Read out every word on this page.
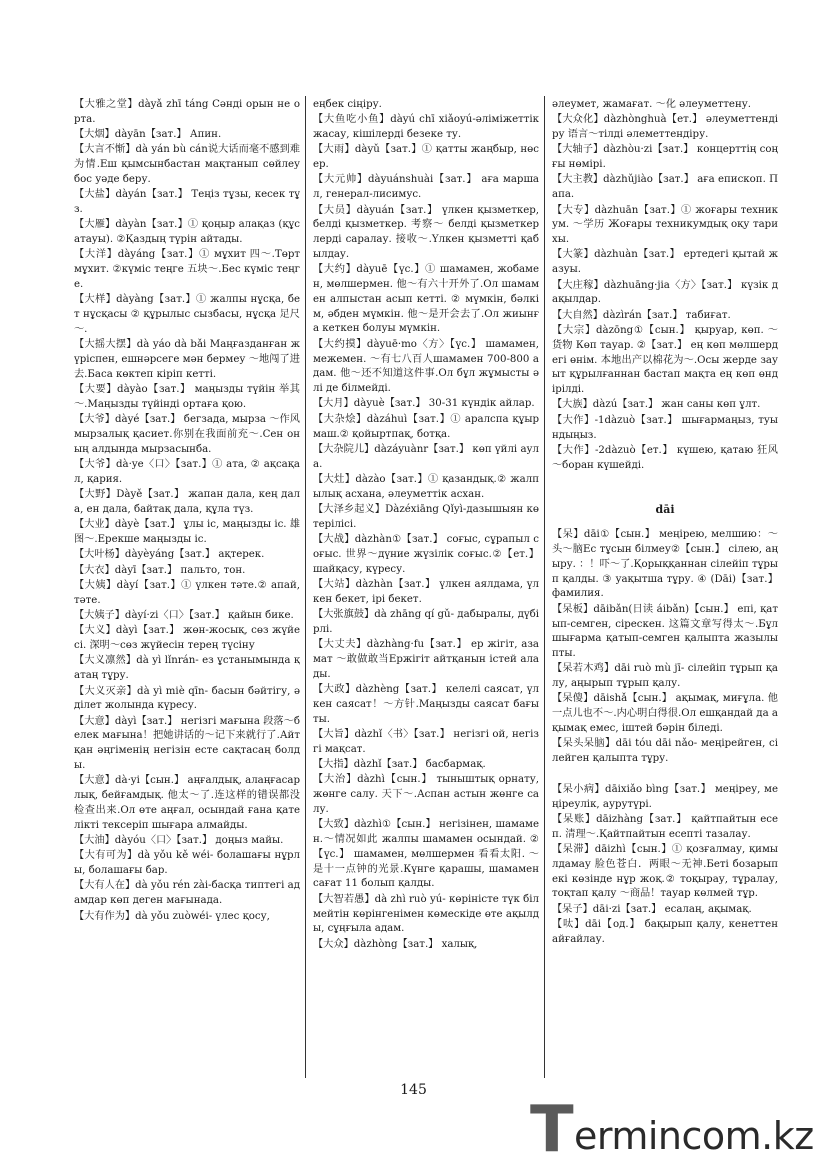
【大雅之堂】dàyǎ zhī táng Сәнді орын не орта.
【大烟】dàyān【зат.】 Апин.
【大言不惭】dà yán bù cán说大话而毫不感到难为情.Еш қымсынбастан мақтанып сөйлеу бос уәде беру.
【大盐】dàyán【зат.】 Теңіз тұзы, кесек тұз.
【大雁】dàyàn【зат.】① қоңыр алақаз (құс атауы). ②Қаздың түрін айтады.
【大洋】dàyáng【зат.】① мұхит 四～.Төрт мұхит. ②күміс теңге 五块～.Бес күміс теңге.
【大样】dàyàng【зат.】① жалпы нұсқа, бет нұсқасы ② құрылыс сызбасы, нұсқа 足尺～.
【大摇大摆】dà yáo dà bǎi Маңғазданған жүріспен, ешнәрсеге мән бермеу ～地闯了进去.Баса көктеп кіріп кетті.
【大要】dàyào【зат.】 маңызды түйін 举其～.Маңызды түйінді ортаға қою.
【大爷】dàyé【зат.】 бегзада, мырза ～作风 мырзалық қасиет.你别在我面前充～.Сен оның алдында мырзасынба.
【大爷】dà·ye〈口〉【зат.】① ата, ② ақсақал, қария.
【大野】Dàyě【зат.】 жапан дала, кең дала, ен дала, байтақ дала, құла түз.
【大业】dàyè【зат.】 ұлы іс, маңызды іс. 雄图～.Ерекше маңызды іс.
【大叶杨】dàyèyáng【зат.】 ақтерек.
【大衣】dàyī【зат.】 пальто, тон.
【大姨】dàyí【зат.】① үлкен тәте.② апай, тәте.
【大姨子】dàyí·zi〈口〉【зат.】 қайын бике.
【大义】dàyì【зат.】 жөн-жосық, сөз жүйесі. 深明～сөз жүйесін терең түсіну
【大义凛然】dà yì lǐnrán- ез ұстанымында қатаң тұру.
【大义灭亲】dà yì miè qīn- басын бәйтігу, әділет жолында күресу.
【大意】dàyì【зат.】 негізгі мағына 段落～белек мағына！把她讲话的～记下来就行了.Айтқан әңгіменің негізін есте сақтасаң болды.
【大意】dà·yi【сын.】 аңғалдық, алаңғасарлық, бейғамдық. 他太～了.连这样的错误都没检查出来.Ол өте аңғал, осындай ғана қателікті тексеріп шығара алмайды.
【大油】dàyóu〈口〉【зат.】 доңыз майы.
【大有可为】dà yǒu kě wéi- болашағы нұрлы, болашағы бар.
【大有人在】dà yǒu rén zài-басқа типтегі адамдар көп деген мағынада.
【大有作为】dà yǒu zuòwéi- үлес қосу,
еңбек сіңіру.
【大鱼吃小鱼】dàyú chī xiǎoyú-әліміжеттік жасау, кішілерді безеке ту.
【大雨】dàyǔ【зат.】① қатты жаңбыр, нөсер.
【大元帅】dàyuánshuài【зат.】 аға маршал, генерал-лисимус.
【大员】dàyuán【зат.】 үлкен қызметкер, белді қызметкер. 考察～ белді қызметкерлерді саралау. 接收～.Үлкен қызметті қабылдау.
【大约】dàyuē【үс.】① шамамен, жобамен, мөлшермен. 他～有六十开外了.Ол шамамен алпыстан асып кетті. ② мүмкін, бәлкім, әбден мүмкін. 他～是开会去了.Ол жиынға кеткен болуы мүмкін.
【大约摸】dàyuē·mo〈方〉【үс.】 шамамен, межемен. ～有七八百人шамамен 700-800 адам. 他～还不知道这件事.Ол бұл жұмысты әлі де білмейді.
【大月】dàyuè【зат.】 30-31 күндік айлар.
【大杂烩】dàzáhuì【зат.】① аралспа құырмаш.② қойыртпақ, ботқа.
【大杂院儿】dàzáyuànr【зат.】 көп үйлі аула.
【大灶】dàzào【зат.】① қазандық.② жалпылық асхана, әлеуметтік асхан.
【大泽乡起义】Dàzéxiāng Qǐyì-дазышыян көтерілісі.
【大战】dàzhàn①【зат.】 соғыс, сұрапыл соғыс. 世界～дүние жүзілік соғыс.②【ет.】 шайқасу, күресу.
【大站】dàzhàn【зат.】 үлкен аялдама, үлкен бекет, ірі бекет.
【大张旗鼓】dà zhāng qí gǔ- дабыралы, дүбірлі.
【大丈夫】dàzhàng·fu【зат.】 ер жігіт, азамат ～敢做敢当Ержігіт айтқанын істей алады.
【大政】dàzhèng【зат.】 келелі саясат, үлкен саясат！～方针.Маңызды саясат бағыты.
【大旨】dàzhǐ〈书〉【зат.】 негізгі ой, негізгі мақсат.
【大指】dàzhǐ【зат.】 басбармақ.
【大治】dàzhì【сын.】 тыныштық орнату, жөнге салу. 天下～.Аспан астын жөнге салу.
【大致】dàzhì①【сын.】 негізінен, шамамен.～情况如此 жалпы шамамен осындай. ②【үс.】 шамамен, мөлшермен 看看太阳. ～是十一点钟的光景.Күнге қарашы, шамамен сағат 11 болып қалды.
【大智若愚】dà zhì ruò yú- көріністе түк білмейтін көрінгенімен көмескіде өте ақылды, сұңғыла адам.
【大众】dàzhòng【зат.】 халық,
әлеумет, жамағат. ～化 әлеуметтену.
【大众化】dàzhònghuà【ет.】 әлеуметтендіру 语言～тілді әлеметтендіру.
【大轴子】dàzhòu·zi【зат.】 концерттің соңғы нөмірі.
【大主教】dàzhǔjiào【зат.】 аға епископ. Папа.
【大专】dàzhuān【зат.】① жоғары техникум. ～学历 Жоғары техникумдық оқу тарихы.
【大篆】dàzhuàn【зат.】 ертедегі қытай жазуы.
【大庄稼】dàzhuāng·jia〈方〉【зат.】 күзік дақылдар.
【大自然】dàzìrán【зат.】 табиғат.
【大宗】dàzōng①【сын.】 қыруар, көп. ～货物 Көп тауар. ②【зат.】 ең көп мөлшердегі өнім. 本地出产以棉花为～.Осы жерде зауыт құрылғаннан бастап мақта ең көп өндірілді.
【大族】dàzú【зат.】 жан саны көп ұлт.
【大作】-1dàzuò【зат.】 шығармаңыз, туындыңыз.
【大作】-2dàzuò【ет.】 күшею, қатаю 狂风～боран күшейді.
dāi
【呆】dāi①【сын.】 меңірею, мелшию：～头～脑Ес тұсын білмеу②【сын.】 сілею, аңыру. ：！吓～了.Қорыққаннан сілейіп тұрып қалды. ③ уақытша тұру. ④ (Dāi)【зат.】 фамилия.
【呆板】dāibǎn(日读 áibǎn)【сын.】 епі, қатып-семген, сірескен. 这篇文章写得太～.Бұл шығарма қатып-семген қалыпта жазылыпты.
【呆若木鸡】dāi ruò mù jī- сілейіп тұрып қалу, аңырып тұрып қалу.
【呆傻】dāishǎ【сын.】 ақымақ, миғұла. 他一点儿也不～.内心明白得很.Ол ешқандай да ақымақ емес, іштей бәрін біледі.
【呆头呆脑】dāi tóu dāi nǎo- меңірейген, сілейген қалыпта тұру.

【呆小病】dāixiǎo bìng【зат.】 меңіреу, меңіреулік, аурутүрі.
【呆账】dāizhàng【зат.】 қайтпайтын есеп. 清理～.Қайтпайтын есепті тазалау.
【呆滞】dāizhì【сын.】① қозғалмау, қимылдамау 脸色苍白．两眼～无神.Беті бозарып екі көзінде нұр жоқ.② тоқырау, тұралау, тоқтап қалу ～商品！тауар көлмей тұр.
【呆子】dāi·zi【зат.】 есалаң, ақымақ.
【呔】dāi【од.】 бақырып қалу, кенеттен айғайлау.
145
T ermincom.kz
